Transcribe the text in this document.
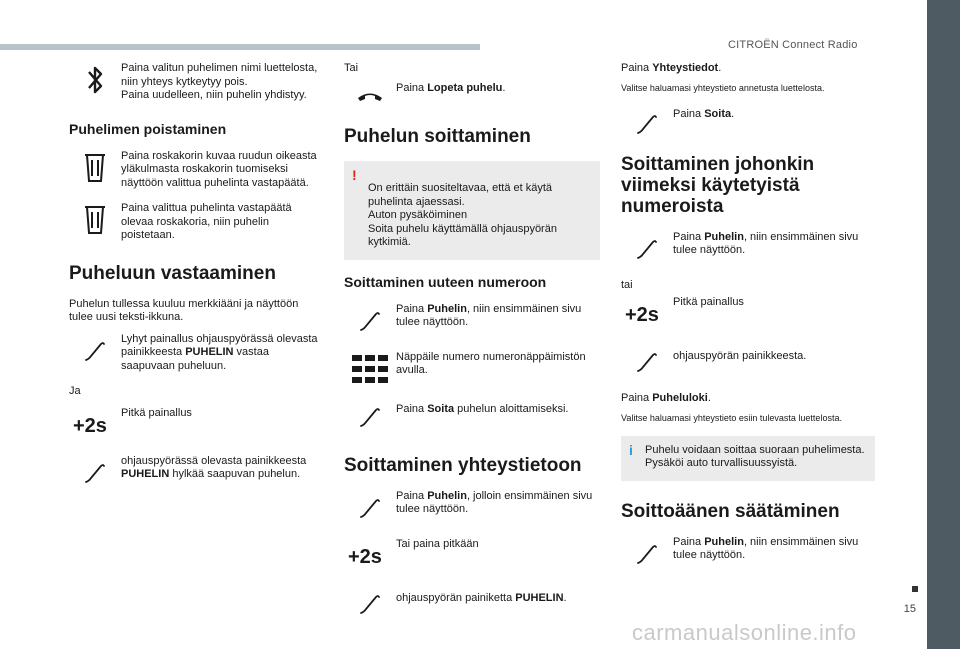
CITROËN Connect Radio
15
carmanualsonline.info
Paina valitun puhelimen nimi luettelosta, niin yhteys kytkeytyy pois.
Paina uudelleen, niin puhelin yhdistyy.
Puhelimen poistaminen
Paina roskakorin kuvaa ruudun oikeasta yläkulmasta roskakorin tuomiseksi näyttöön valittua puhelinta vastapäätä.
Paina valittua puhelinta vastapäätä olevaa roskakoria, niin puhelin poistetaan.
Puheluun vastaaminen
Puhelun tullessa kuuluu merkkiääni ja näyttöön tulee uusi teksti-ikkuna.
Lyhyt painallus ohjauspyörässä olevasta painikkeesta PUHELIN vastaa saapuvaan puheluun.
Ja
+2s
Pitkä painallus
ohjauspyörässä olevasta painikkeesta PUHELIN hylkää saapuvan puhelun.
Tai
Paina Lopeta puhelu.
Puhelun soittaminen

!
On erittäin suositeltavaa, että et käytä puhelinta ajaessasi.
Auton pysäköiminen
Soita puhelu käyttämällä ohjauspyörän kytkimiä.

Soittaminen uuteen numeroon
Paina Puhelin, niin ensimmäinen sivu tulee näyttöön.
Näppäile numero numeronäppäimistön avulla.
Paina Soita puhelun aloittamiseksi.
Soittaminen yhteystietoon
Paina Puhelin, jolloin ensimmäinen sivu tulee näyttöön.
+2s
Tai paina pitkään
ohjauspyörän painiketta PUHELIN.
Paina Yhteystiedot.
Valitse haluamasi yhteystieto annetusta luettelosta.
Paina Soita.
Soittaminen johonkin viimeksi käytetyistä numeroista
Paina Puhelin, niin ensimmäinen sivu tulee näyttöön.
tai
+2s
Pitkä painallus
ohjauspyörän painikkeesta.
Paina Puheluloki.
Valitse haluamasi yhteystieto esiin tulevasta luettelosta.
i	Puhelu voidaan soittaa suoraan puhelimesta. Pysäköi auto turvallisuussyistä.
Soittoäänen säätäminen
Paina Puhelin, niin ensimmäinen sivu tulee näyttöön.
